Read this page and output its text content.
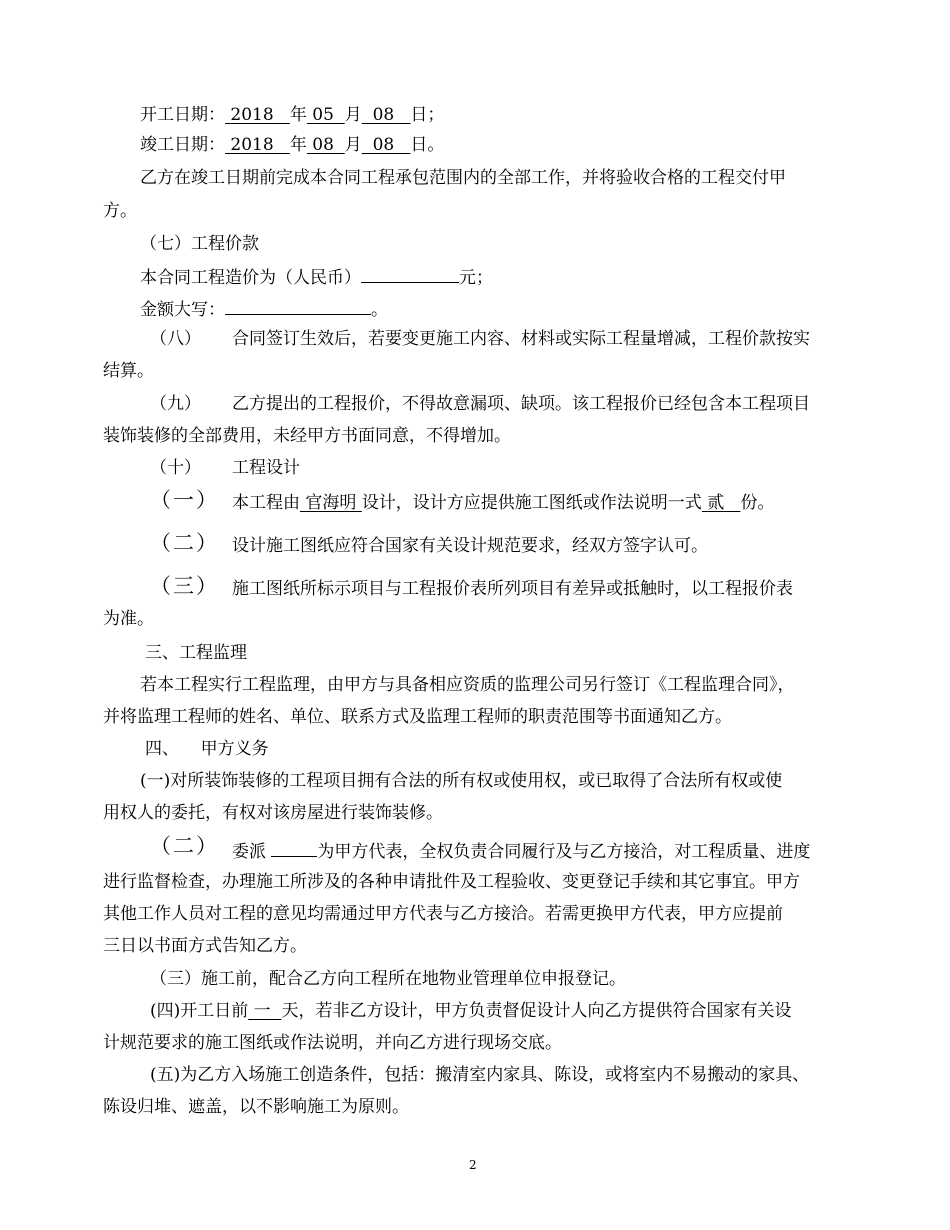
开工日期： 2018 年 05 月 08 日；
竣工日期： 2018 年 08 月 08 日。
乙方在竣工日期前完成本合同工程承包范围内的全部工作，并将验收合格的工程交付甲
方。
（七）工程价款
本合同工程造价为（人民币）	元；
金额大写：	。
（八） 合同签订生效后，若要变更施工内容、材料或实际工程量增减，工程价款按实
结算。
（九） 乙方提出的工程报价，不得故意漏项、缺项。该工程报价已经包含本工程项目
装饰装修的全部费用，未经甲方书面同意，不得增加。
（十） 工程设计
（一） 本工程由 官海明 设计，设计方应提供施工图纸或作法说明一式 贰 份。
（二） 设计施工图纸应符合国家有关设计规范要求，经双方签字认可。
（三） 施工图纸所标示项目与工程报价表所列项目有差异或抵触时，以工程报价表
为准。
三、工程监理
若本工程实行工程监理，由甲方与具备相应资质的监理公司另行签订《工程监理合同》，
并将监理工程师的姓名、单位、联系方式及监理工程师的职责范围等书面通知乙方。
四、    甲方义务
(一)对所装饰装修的工程项目拥有合法的所有权或使用权，或已取得了合法所有权或使
用权人的委托，有权对该房屋进行装饰装修。
（二） 委派	为甲方代表，全权负责合同履行及与乙方接洽，对工程质量、进度
进行监督检查，办理施工所涉及的各种申请批件及工程验收、变更登记手续和其它事宜。甲方
其他工作人员对工程的意见均需通过甲方代表与乙方接洽。若需更换甲方代表，甲方应提前
三日以书面方式告知乙方。
（三）施工前，配合乙方向工程所在地物业管理单位申报登记。
(四)开工日前 一 天，若非乙方设计，甲方负责督促设计人向乙方提供符合国家有关设
计规范要求的施工图纸或作法说明，并向乙方进行现场交底。
(五)为乙方入场施工创造条件，包括：搬清室内家具、陈设，或将室内不易搬动的家具、
陈设归堆、遮盖，以不影响施工为原则。
2
